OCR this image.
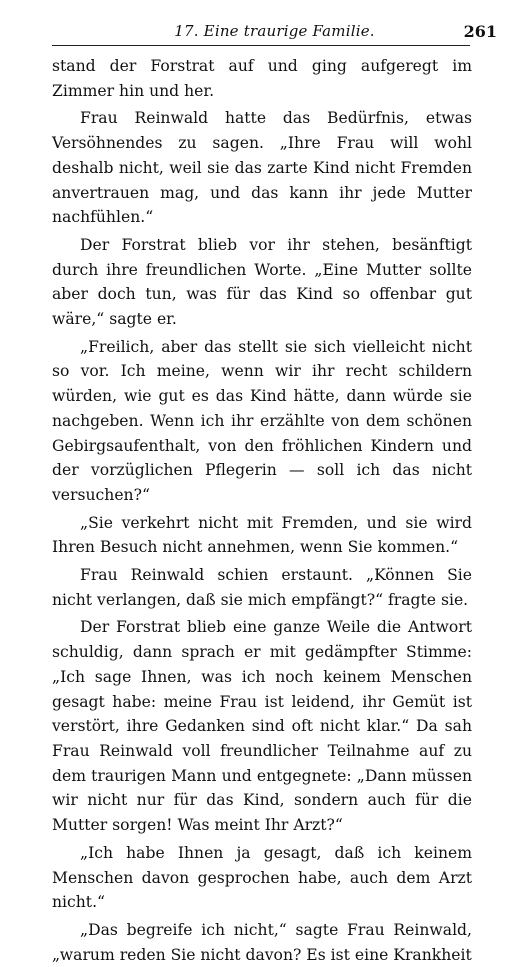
17. Eine traurige Familie.	261

stand der Forstrat auf und ging aufgeregt im Zimmer hin und her.

Frau Reinwald hatte das Bedürfnis, etwas Versöhnendes zu sagen. „Ihre Frau will wohl deshalb nicht, weil sie das zarte Kind nicht Fremden anvertrauen mag, und das kann ihr jede Mutter nachfühlen.“

Der Forstrat blieb vor ihr stehen, besänftigt durch ihre freundlichen Worte. „Eine Mutter sollte aber doch tun, was für das Kind so offenbar gut wäre,“ sagte er.

„Freilich, aber das stellt sie sich vielleicht nicht so vor. Ich meine, wenn wir ihr recht schildern würden, wie gut es das Kind hätte, dann würde sie nachgeben. Wenn ich ihr erzählte von dem schönen Gebirgsaufenthalt, von den fröhlichen Kindern und der vorzüglichen Pflegerin — soll ich das nicht versuchen?“

„Sie verkehrt nicht mit Fremden, und sie wird Ihren Besuch nicht annehmen, wenn Sie kommen.“

Frau Reinwald schien erstaunt. „Können Sie nicht verlangen, daß sie mich empfängt?“ fragte sie.

Der Forstrat blieb eine ganze Weile die Antwort schuldig, dann sprach er mit gedämpfter Stimme: „Ich sage Ihnen, was ich noch keinem Menschen gesagt habe: meine Frau ist leidend, ihr Gemüt ist verstört, ihre Gedanken sind oft nicht klar.“ Da sah Frau Reinwald voll freundlicher Teilnahme auf zu dem traurigen Mann und entgegnete: „Dann müssen wir nicht nur für das Kind, sondern auch für die Mutter sorgen! Was meint Ihr Arzt?“

„Ich habe Ihnen ja gesagt, daß ich keinem Menschen davon gesprochen habe, auch dem Arzt nicht.“

„Das begreife ich nicht,“ sagte Frau Reinwald, „warum reden Sie nicht davon? Es ist eine Krankheit
